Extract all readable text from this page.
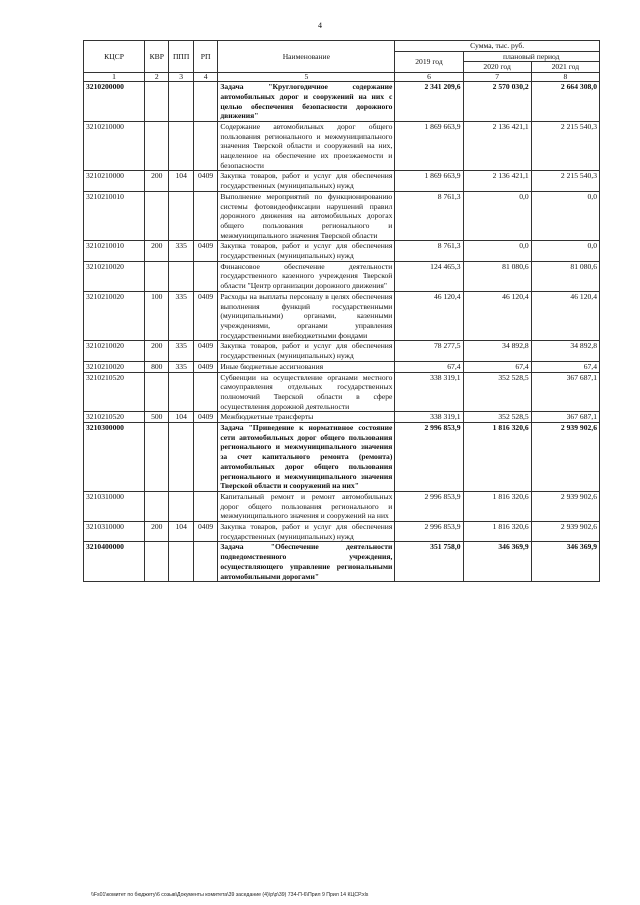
4
КЦСР	КВР	ППП	РП	Наименование	Сумма, тыс. руб.		
					2019 год	плановый период	
						2020 год	2021 год
1	2	3	4	5	6	7	8
3210200000				Задача "Круглогодичное содержание автомобильных дорог и сооружений на них с целью обеспечения безопасности дорожного движения"	2 341 209,6	2 570 030,2	2 664 308,0
3210210000				Содержание автомобильных дорог общего пользования регионального и межмуниципального значения Тверской области и сооружений на них, нацеленное на обеспечение их проезжаемости и безопасности	1 869 663,9	2 136 421,1	2 215 540,3
3210210000	200	104	0409	Закупка товаров, работ и услуг для обеспечения государственных (муниципальных) нужд	1 869 663,9	2 136 421,1	2 215 540,3
3210210010				Выполнение мероприятий по функционированию системы фотовидеофиксации нарушений правил дорожного движения на автомобильных дорогах общего пользования регионального и межмуниципального значения Тверской области	8 761,3	0,0	0,0
3210210010	200	335	0409	Закупка товаров, работ и услуг для обеспечения государственных (муниципальных) нужд	8 761,3	0,0	0,0
3210210020				Финансовое обеспечение деятельности государственного казенного учреждения Тверской области "Центр организации дорожного движения"	124 465,3	81 080,6	81 080,6
3210210020	100	335	0409	Расходы на выплаты персоналу в целях обеспечения выполнения функций государственными (муниципальными) органами, казенными учреждениями, органами управления государственными внебюджетными фондами	46 120,4	46 120,4	46 120,4
3210210020	200	335	0409	Закупка товаров, работ и услуг для обеспечения государственных (муниципальных) нужд	78 277,5	34 892,8	34 892,8
3210210020	800	335	0409	Иные бюджетные ассигнования	67,4	67,4	67,4
3210210520				Субвенции на осуществление органами местного самоуправления отдельных государственных полномочий Тверской области в сфере осуществления дорожной деятельности	338 319,1	352 528,5	367 687,1
3210210520	500	104	0409	Межбюджетные трансферты	338 319,1	352 528,5	367 687,1
3210300000				Задача "Приведение к нормативное состояние сети автомобильных дорог общего пользования регионального и межмуниципального значения за счет капитального ремонта (ремонта) автомобильных дорог общего пользования регионального и межмуниципального значения Тверской области и сооружений на них"	2 996 853,9	1 816 320,6	2 939 902,6
3210310000				Капитальный ремонт и ремонт автомобильных дорог общего пользования регионального и межмуниципального значения и сооружений на них	2 996 853,9	1 816 320,6	2 939 902,6
3210310000	200	104	0409	Закупка товаров, работ и услуг для обеспечения государственных (муниципальных) нужд	2 996 853,9	1 816 320,6	2 939 902,6
3210400000				Задача "Обеспечение деятельности подведомственного учреждения, осуществляющего управление региональными автомобильными дорогами"	351 758,0	346 369,9	346 369,9
\\Fs01\комитет по бюджету\6 созыв\Документы комитета\39 заседание (4)\р\р\39) 734-П-6\Прил 9 Прил 14 КЦСР.xls
